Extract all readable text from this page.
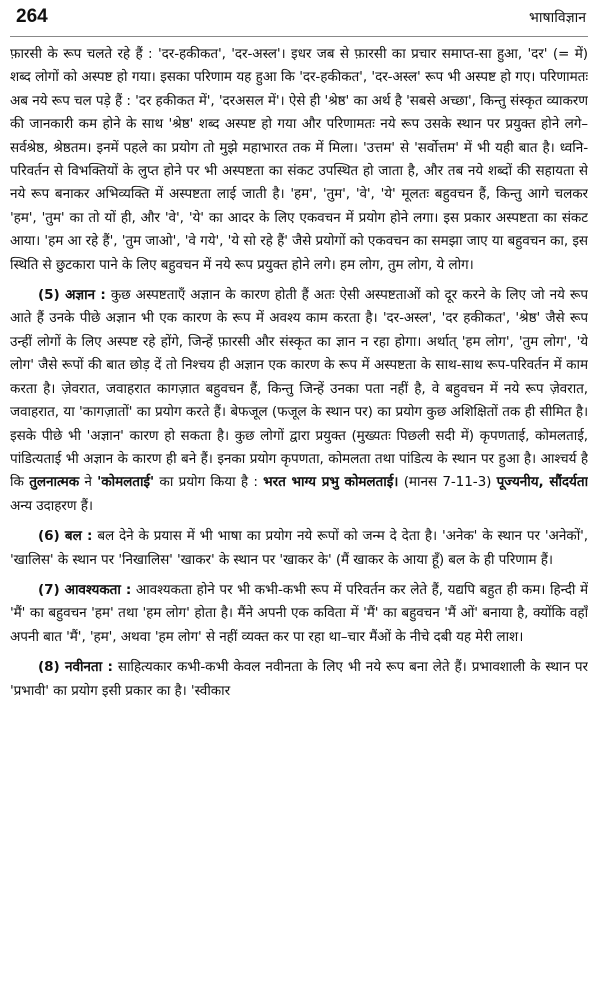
264	भाषाविज्ञान

फ़ारसी के रूप चलते रहे हैं : 'दर-हकीकत', 'दर-अस्ल'। इधर जब से फ़ारसी का प्रचार समाप्त-सा हुआ, 'दर' (= में) शब्द लोगों को अस्पष्ट हो गया। इसका परिणाम यह हुआ कि 'दर-हकीकत', 'दर-अस्ल' रूप भी अस्पष्ट हो गए। परिणामतः अब नये रूप चल पड़े हैं : 'दर हकीकत में', 'दरअसल में'। ऐसे ही 'श्रेष्ठ' का अर्थ है 'सबसे अच्छा', किन्तु संस्कृत व्याकरण की जानकारी कम होने के साथ 'श्रेष्ठ' शब्द अस्पष्ट हो गया और परिणामतः नये रूप उसके स्थान पर प्रयुक्त होने लगे–सर्वश्रेष्ठ, श्रेष्ठतम। इनमें पहले का प्रयोग तो मुझे महाभारत तक में मिला। 'उत्तम' से 'सर्वोत्तम' में भी यही बात है। ध्वनि-परिवर्तन से विभक्तियों के लुप्त होने पर भी अस्पष्टता का संकट उपस्थित हो जाता है, और तब नये शब्दों की सहायता से नये रूप बनाकर अभिव्यक्ति में अस्पष्टता लाई जाती है। 'हम', 'तुम', 'वे', 'ये' मूलतः बहुवचन हैं, किन्तु आगे चलकर 'हम', 'तुम' का तो यों ही, और 'वे', 'ये' का आदर के लिए एकवचन में प्रयोग होने लगा। इस प्रकार अस्पष्टता का संकट आया। 'हम आ रहे हैं', 'तुम जाओ', 'वे गये', 'ये सो रहे हैं' जैसे प्रयोगों को एकवचन का समझा जाए या बहुवचन का, इस स्थिति से छुटकारा पाने के लिए बहुवचन में नये रूप प्रयुक्त होने लगे। हम लोग, तुम लोग, ये लोग।

(5) अज्ञान : कुछ अस्पष्टताएँ अज्ञान के कारण होती हैं अतः ऐसी अस्पष्टताओं को दूर करने के लिए जो नये रूप आते हैं उनके पीछे अज्ञान भी एक कारण के रूप में अवश्य काम करता है। 'दर-अस्ल', 'दर हकीकत', 'श्रेष्ठ' जैसे रूप उन्हीं लोगों के लिए अस्पष्ट रहे होंगे, जिन्हें फ़ारसी और संस्कृत का ज्ञान न रहा होगा। अर्थात् 'हम लोग', 'तुम लोग', 'ये लोग' जैसे रूपों की बात छोड़ दें तो निश्चय ही अज्ञान एक कारण के रूप में अस्पष्टता के साथ-साथ रूप-परिवर्तन में काम करता है। ज़ेवरात, जवाहरात कागज़ात बहुवचन हैं, किन्तु जिन्हें उनका पता नहीं है, वे बहुवचन में नये रूप ज़ेवरात, जवाहरात, या 'कागज़ातों' का प्रयोग करते हैं। बेफजूल (फजूल के स्थान पर) का प्रयोग कुछ अशिक्षितों तक ही सीमित है। इसके पीछे भी 'अज्ञान' कारण हो सकता है। कुछ लोगों द्वारा प्रयुक्त (मुख्यतः पिछली सदी में) कृपणताई, कोमलताई, पांडित्यताई भी अज्ञान के कारण ही बने हैं। इनका प्रयोग कृपणता, कोमलता तथा पांडित्य के स्थान पर हुआ है। आश्चर्य है कि तुलनात्मक ने 'कोमलताई' का प्रयोग किया है : भरत भाग्य प्रभु कोमलताई। (मानस 7-11-3) पूज्यनीय, सौंदर्यता अन्य उदाहरण हैं।

(6) बल : बल देने के प्रयास में भी भाषा का प्रयोग नये रूपों को जन्म दे देता है। 'अनेक' के स्थान पर 'अनेकों', 'खालिस' के स्थान पर 'निखालिस' 'खाकर' के स्थान पर 'खाकर के' (मैं खाकर के आया हूँ) बल के ही परिणाम हैं।

(7) आवश्यकता : आवश्यकता होने पर भी कभी-कभी रूप में परिवर्तन कर लेते हैं, यद्यपि बहुत ही कम। हिन्दी में 'मैं' का बहुवचन 'हम' तथा 'हम लोग' होता है। मैंने अपनी एक कविता में 'मैं' का बहुवचन 'मैं ओं' बनाया है, क्योंकि वहाँ अपनी बात 'मैं', 'हम', अथवा 'हम लोग' से नहीं व्यक्त कर पा रहा था–चार मैंओं के नीचे दबी यह मेरी लाश।

(8) नवीनता : साहित्यकार कभी-कभी केवल नवीनता के लिए भी नये रूप बना लेते हैं। प्रभावशाली के स्थान पर 'प्रभावी' का प्रयोग इसी प्रकार का है। 'स्वीकार
